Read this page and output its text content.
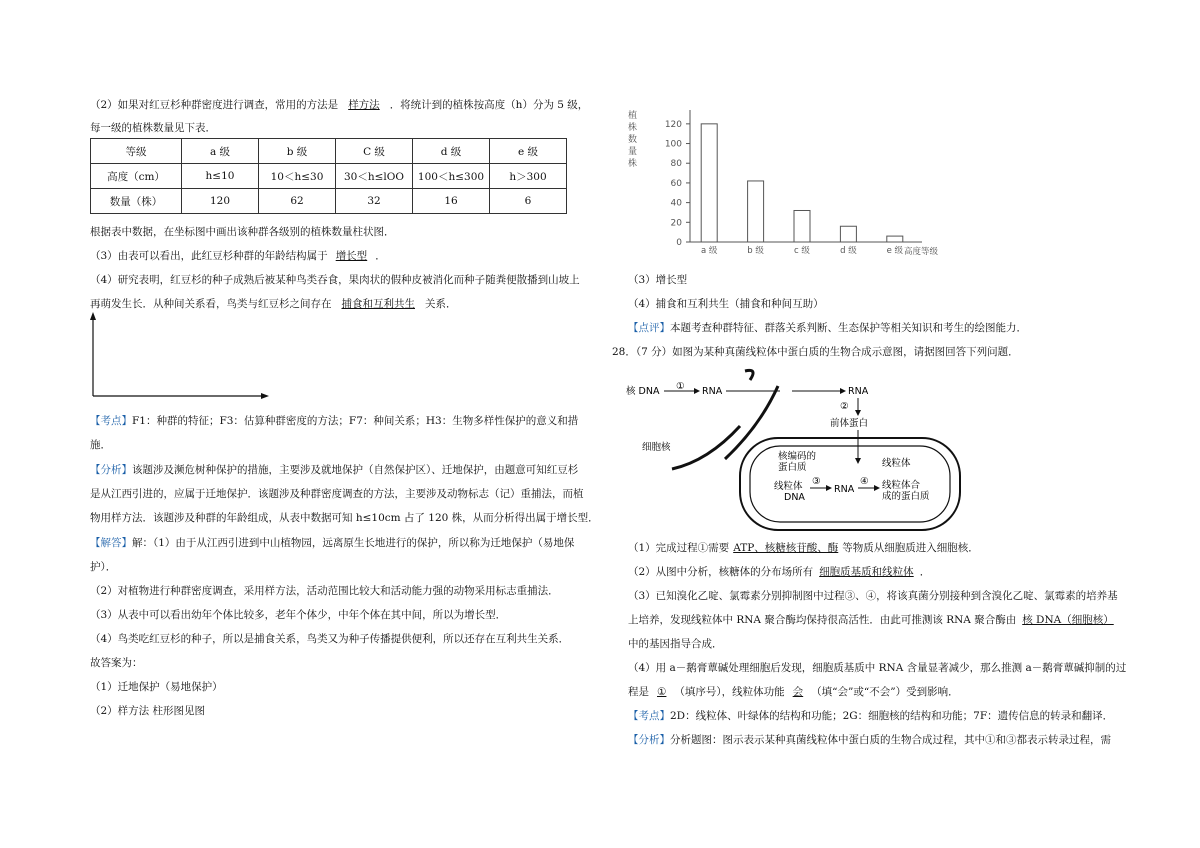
（2）如果对红豆杉种群密度进行调查，常用的方法是 样方法 ．将统计到的植株按高度（h）分为 5 级，
每一级的植株数量见下表．
等级	a 级	b 级	C 级	d 级	e 级
高度（cm）	h≤10	10＜h≤30	30＜h≤lOO	100＜h≤300	h＞300
数量（株）	120	62	32	16	6
根据表中数据，在坐标图中画出该种群各级别的植株数量柱状图．
（3）由表可以看出，此红豆杉种群的年龄结构属于 增长型 ．
（4）研究表明，红豆杉的种子成熟后被某种鸟类吞食，果肉状的假种皮被消化而种子随粪便散播到山坡上
再萌发生长．从种间关系看，鸟类与红豆杉之间存在 捕食和互利共生 关系．
【考点】F1：种群的特征；F3：估算种群密度的方法；F7：种间关系；H3：生物多样性保护的意义和措
施．
【分析】该题涉及濒危树种保护的措施，主要涉及就地保护（自然保护区）、迁地保护，由题意可知红豆杉
是从江西引进的，应属于迁地保护．该题涉及种群密度调查的方法，主要涉及动物标志（记）重捕法，而植
物用样方法．该题涉及种群的年龄组成，从表中数据可知 h≤10cm 占了 120 株，从而分析得出属于增长型．
【解答】解：（1）由于从江西引进到中山植物园，远离原生长地进行的保护，所以称为迁地保护（易地保
护）．
（2）对植物进行种群密度调查，采用样方法，活动范围比较大和活动能力强的动物采用标志重捕法．
（3）从表中可以看出幼年个体比较多，老年个体少，中年个体在其中间，所以为增长型．
（4）鸟类吃红豆杉的种子，所以是捕食关系，鸟类又为种子传播提供便利，所以还存在互利共生关系．
故答案为：
（1）迁地保护（易地保护）
（2）样方法 柱形图见图
植
株
数
量
株
0
20
40
60
80
100
120
a 级	b 级	c 级	d 级	e 级 高度等级
（3）增长型
（4）捕食和互利共生（捕食和种间互助）
【点评】本题考查种群特征、群落关系判断、生态保护等相关知识和考生的绘图能力．
28．（7 分）如图为某种真菌线粒体中蛋白质的生物合成示意图，请据图回答下列问题．
核 DNA ① RNA	RNA
②
前体蛋白
细胞核
核编码的
蛋白质	线粒体
线粒体
DNA
③
RNA
④ 线粒体合
成的蛋白质
（1）完成过程①需要 ATP、核糖核苷酸、酶 等物质从细胞质进入细胞核．
（2）从图中分析，核糖体的分布场所有 细胞质基质和线粒体 ．
（3）已知溴化乙啶、氯霉素分别抑制图中过程③、④，将该真菌分别接种到含溴化乙啶、氯霉素的培养基
上培养，发现线粒体中 RNA 聚合酶均保持很高活性．由此可推测该 RNA 聚合酶由 核 DNA（细胞核）
中的基因指导合成．
（4）用 a－鹅膏蕈碱处理细胞后发现，细胞质基质中 RNA 含量显著减少，那么推测 a－鹅膏蕈碱抑制的过
程是 ① （填序号），线粒体功能 会 （填“会”或“不会”）受到影响．
【考点】2D：线粒体、叶绿体的结构和功能；2G：细胞核的结构和功能；7F：遗传信息的转录和翻译．
【分析】分析题图：图示表示某种真菌线粒体中蛋白质的生物合成过程，其中①和③都表示转录过程，需
